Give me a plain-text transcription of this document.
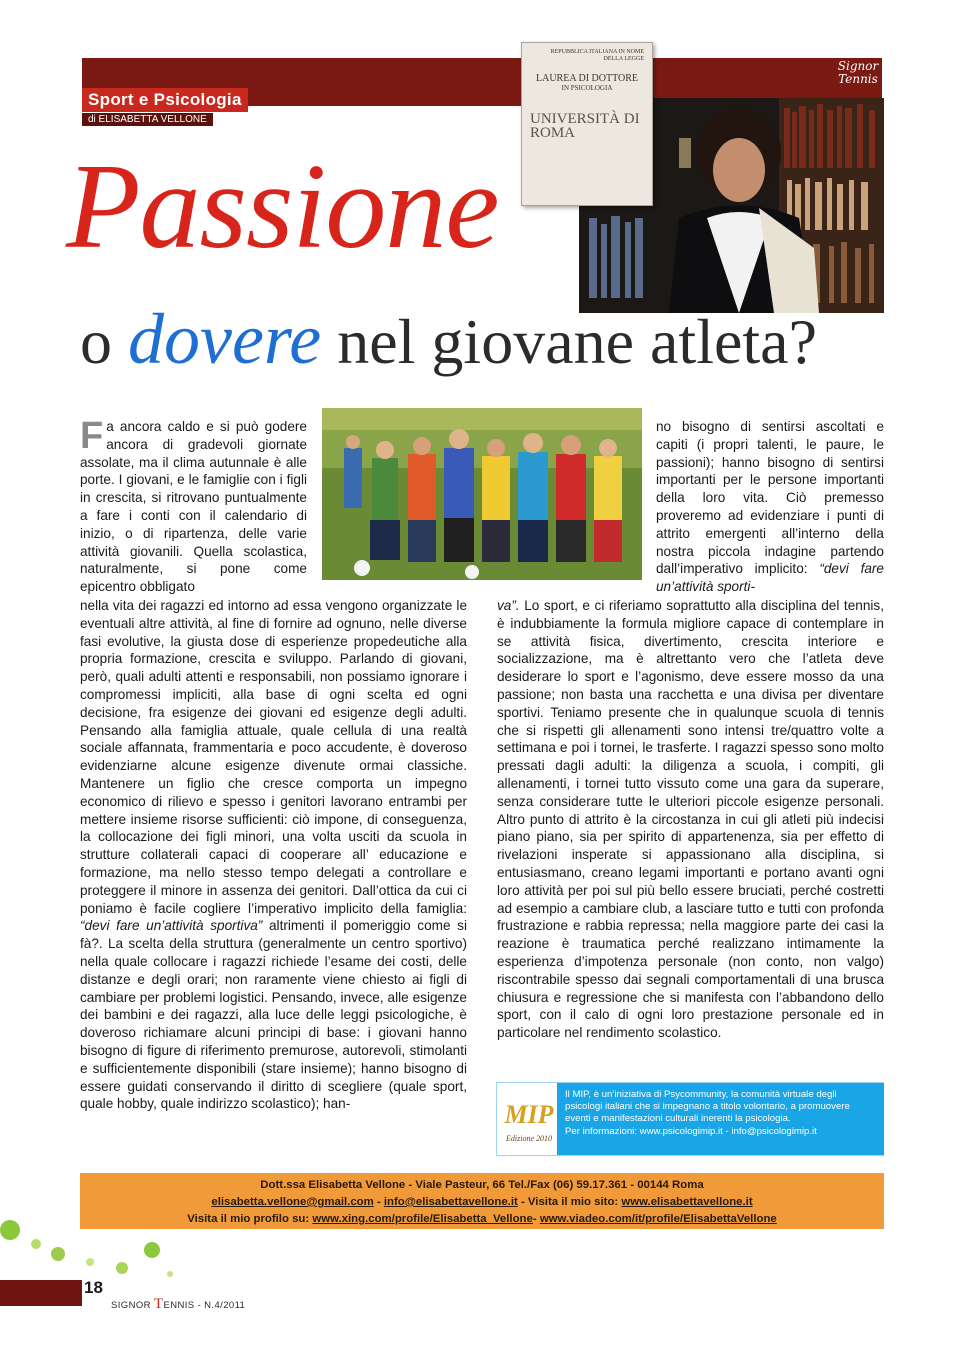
Sport e Psicologia
di ELISABETTA VELLONE
Signor Tennis
REPUBBLICA ITALIANA IN NOME DELLA LEGGE
LAUREA DI DOTTORE
IN PSICOLOGIA
UNIVERSITÀ DI ROMA
Passione
o dovere nel giovane atleta?
F a ancora caldo e si può godere ancora di gradevoli giornate assolate, ma il clima autunnale è alle porte. I giovani, e le famiglie con i figli in crescita, si ritrovano puntualmente a fare i conti con il calendario di inizio, o di ripartenza, delle varie attività giovanili. Quella scolastica, naturalmente, si pone come epicentro obbligato
nella vita dei ragazzi ed intorno ad essa vengono organizzate le eventuali altre attività, al fine di fornire ad ognuno, nelle diverse fasi evolutive, la giusta dose di esperienze propedeutiche alla propria formazione, crescita e sviluppo. Parlando di giovani, però, quali adulti attenti e responsabili, non possiamo ignorare i compromessi impliciti, alla base di ogni scelta ed ogni decisione, fra esigenze dei giovani ed esigenze degli adulti. Pensando alla famiglia attuale, quale cellula di una realtà sociale affannata, frammentaria e poco accudente, è doveroso evidenziarne alcune esigenze divenute ormai classiche. Mantenere un figlio che cresce comporta un impegno economico di rilievo e spesso i genitori lavorano entrambi per mettere insieme risorse sufficienti: ciò impone, di conseguenza, la collocazione dei figli minori, una volta usciti da scuola in strutture collaterali capaci di cooperare all’ educazione e formazione, ma nello stesso tempo delegati a controllare e proteggere il minore in assenza dei genitori. Dall’ottica da cui ci poniamo è facile cogliere l’imperativo implicito della famiglia: “devi fare un’attività sportiva” altrimenti il pomeriggio come si fà?. La scelta della struttura (generalmente un centro sportivo) nella quale collocare i ragazzi richiede l’esame dei costi, delle distanze e degli orari; non raramente viene chiesto ai figli di cambiare per problemi logistici. Pensando, invece, alle esigenze dei bambini e dei ragazzi, alla luce delle leggi psicologiche, è doveroso richiamare alcuni principi di base: i giovani hanno bisogno di figure di riferimento premurose, autorevoli, stimolanti e sufficientemente disponibili (stare insieme); hanno bisogno di essere guidati conservando il diritto di scegliere (quale sport, quale hobby, quale indirizzo scolastico); han-
no bisogno di sentirsi ascoltati e capiti (i propri talenti, le paure, le passioni); hanno bisogno di sentirsi importanti per le persone importanti della loro vita. Ciò premesso proveremo ad evidenziare i punti di attrito emergenti all’interno della nostra piccola indagine partendo dall’imperativo implicito: “devi fare un’attività sporti-
va”. Lo sport, e ci riferiamo soprattutto alla disciplina del tennis, è indubbiamente la formula migliore capace di contemplare in se attività fisica, divertimento, crescita interiore e socializzazione, ma è altrettanto vero che l’atleta deve desiderare lo sport e l’agonismo, deve essere mosso da una passione; non basta una racchetta e una divisa per diventare sportivi. Teniamo presente che in qualunque scuola di tennis che si rispetti gli allenamenti sono intensi tre/quattro volte a settimana e poi i tornei, le trasferte. I ragazzi spesso sono molto pressati dagli adulti: la diligenza a scuola, i compiti, gli allenamenti, i tornei tutto vissuto come una gara da superare, senza considerare tutte le ulteriori piccole esigenze personali. Altro punto di attrito è la circostanza in cui gli atleti più indecisi piano piano, sia per spirito di appartenenza, sia per effetto di rivelazioni insperate si appassionano alla disciplina, si entusiasmano, creano legami importanti e portano avanti ogni loro attività per poi sul più bello essere bruciati, perché costretti ad esempio a cambiare club, a lasciare tutto e tutti con profonda frustrazione e rabbia repressa; nella maggiore parte dei casi la reazione è traumatica perché realizzano intimamente la esperienza d’impotenza personale (non conto, non valgo) riscontrabile spesso dai segnali comportamentali di una brusca chiusura e regressione che si manifesta con l’abbandono dello sport, con il calo di ogni loro prestazione personale ed in particolare nel rendimento scolastico.
MIP
Edizione 2010
Il MIP, è un’iniziativa di Psycommunity, la comunità virtuale degli psicologi italiani che si impegnano a titolo volontario, a promuovere eventi e manifestazioni culturali inerenti la psicologia.
Per informazioni: www.psicologimip.it - info@psicologimip.it
Dott.ssa Elisabetta Vellone - Viale Pasteur, 66 Tel./Fax (06) 59.17.361 - 00144 Roma
elisabetta.vellone@gmail.com - info@elisabettavellone.it - Visita il mio sito: www.elisabettavellone.it
Visita il mio profilo su: www.xing.com/profile/Elisabetta_Vellone- www.viadeo.com/it/profile/ElisabettaVellone
18
SIGNOR TENNIS - N.4/2011
